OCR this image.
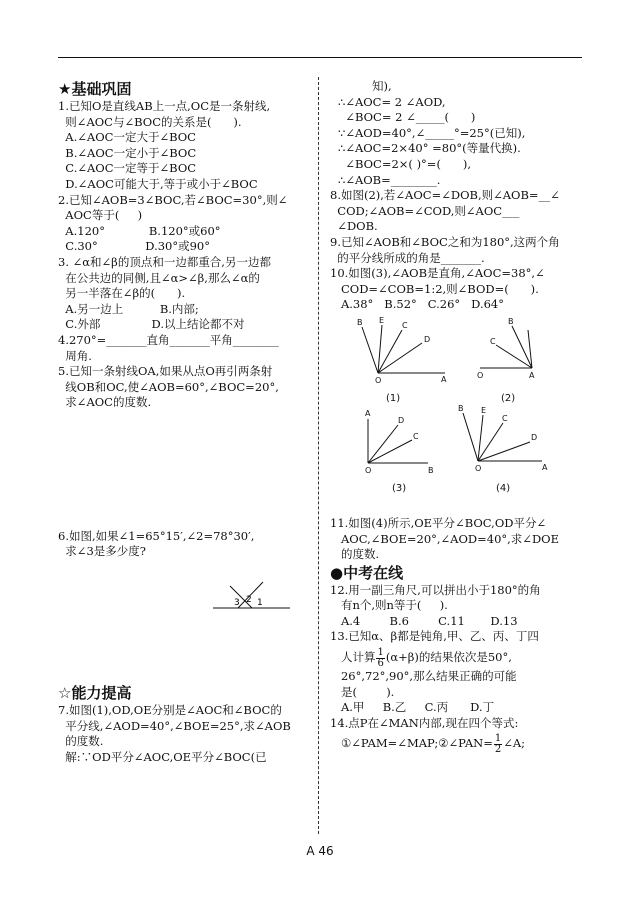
★基础巩固
1.已知O是直线AB上一点,OC是一条射线,
则∠AOC与∠BOC的关系是(      ).
A.∠AOC一定大于∠BOC
B.∠AOC一定小于∠BOC
C.∠AOC一定等于∠BOC
D.∠AOC可能大于,等于或小于∠BOC
2.已知∠AOB=3∠BOC,若∠BOC=30°,则∠
AOC等于(     )
A.120°            B.120°或60°
C.30°             D.30°或90°
3. ∠α和∠β的顶点和一边都重合,另一边都
在公共边的同侧,且∠α>∠β,那么∠α的
另一半落在∠β的(      ).
A.另一边上          B.内部;
C.外部              D.以上结论都不对
4.270°=_______直角_______平角________
周角.
5.已知一条射线OA,如果从点O再引两条射
线OB和OC,使∠AOB=60°,∠BOC=20°,
求∠AOC的度数.
6.如图,如果∠1=65°15′,∠2=78°30′,
求∠3是多少度?
3 2 1
☆能力提高
7.如图(1),OD,OE分别是∠AOC和∠BOC的
平分线,∠AOD=40°,∠BOE=25°,求∠AOB
的度数.
解:∵OD平分∠AOC,OE平分∠BOC(已
知),
∴∠AOC= 2 ∠AOD,
∠BOC= 2 ∠_____(      )
∵∠AOD=40°,∠_____°=25°(已知),
∴∠AOC=2×40° =80°(等量代换).
∠BOC=2×( )°=(      ),
∴∠AOB=________.
8.如图(2),若∠AOC=∠DOB,则∠AOB=__∠
COD;∠AOB=∠COD,则∠AOC___
∠DOB.
9.已知∠AOB和∠BOC之和为180°,这两个角
的平分线所成的角是_______.
10.如图(3),∠AOB是直角,∠AOC=38°,∠
COD=∠COB=1:2,则∠BOD=(      ).
A.38°   B.52°   C.26°   D.64°
B E
C
D
O	A
B
C
O	A
A
D
C
O	B
B E
C
D
O	A
(1)	(2)
(3)	(4)
11.如图(4)所示,OE平分∠BOC,OD平分∠
AOC,∠BOE=20°,∠AOD=40°,求∠DOE
的度数.
●中考在线
12.用一副三角尺,可以拼出小于180°的角
有n个,则n等于(     ).
A.4        B.6        C.11       D.13
13.已知α、β都是钝角,甲、乙、丙、丁四
人计算 $\frac{1}{6} (\alpha+\beta)$的结果依次是50°,
26°,72°,90°,那么结果正确的可能
是(        ).
A.甲     B.乙     C.丙      D.丁
14.点P在∠MAN内部,现在四个等式:
①∠PAM=∠MAP;②∠PAN= $\frac{1}{2}$ ∠A;
A 46
